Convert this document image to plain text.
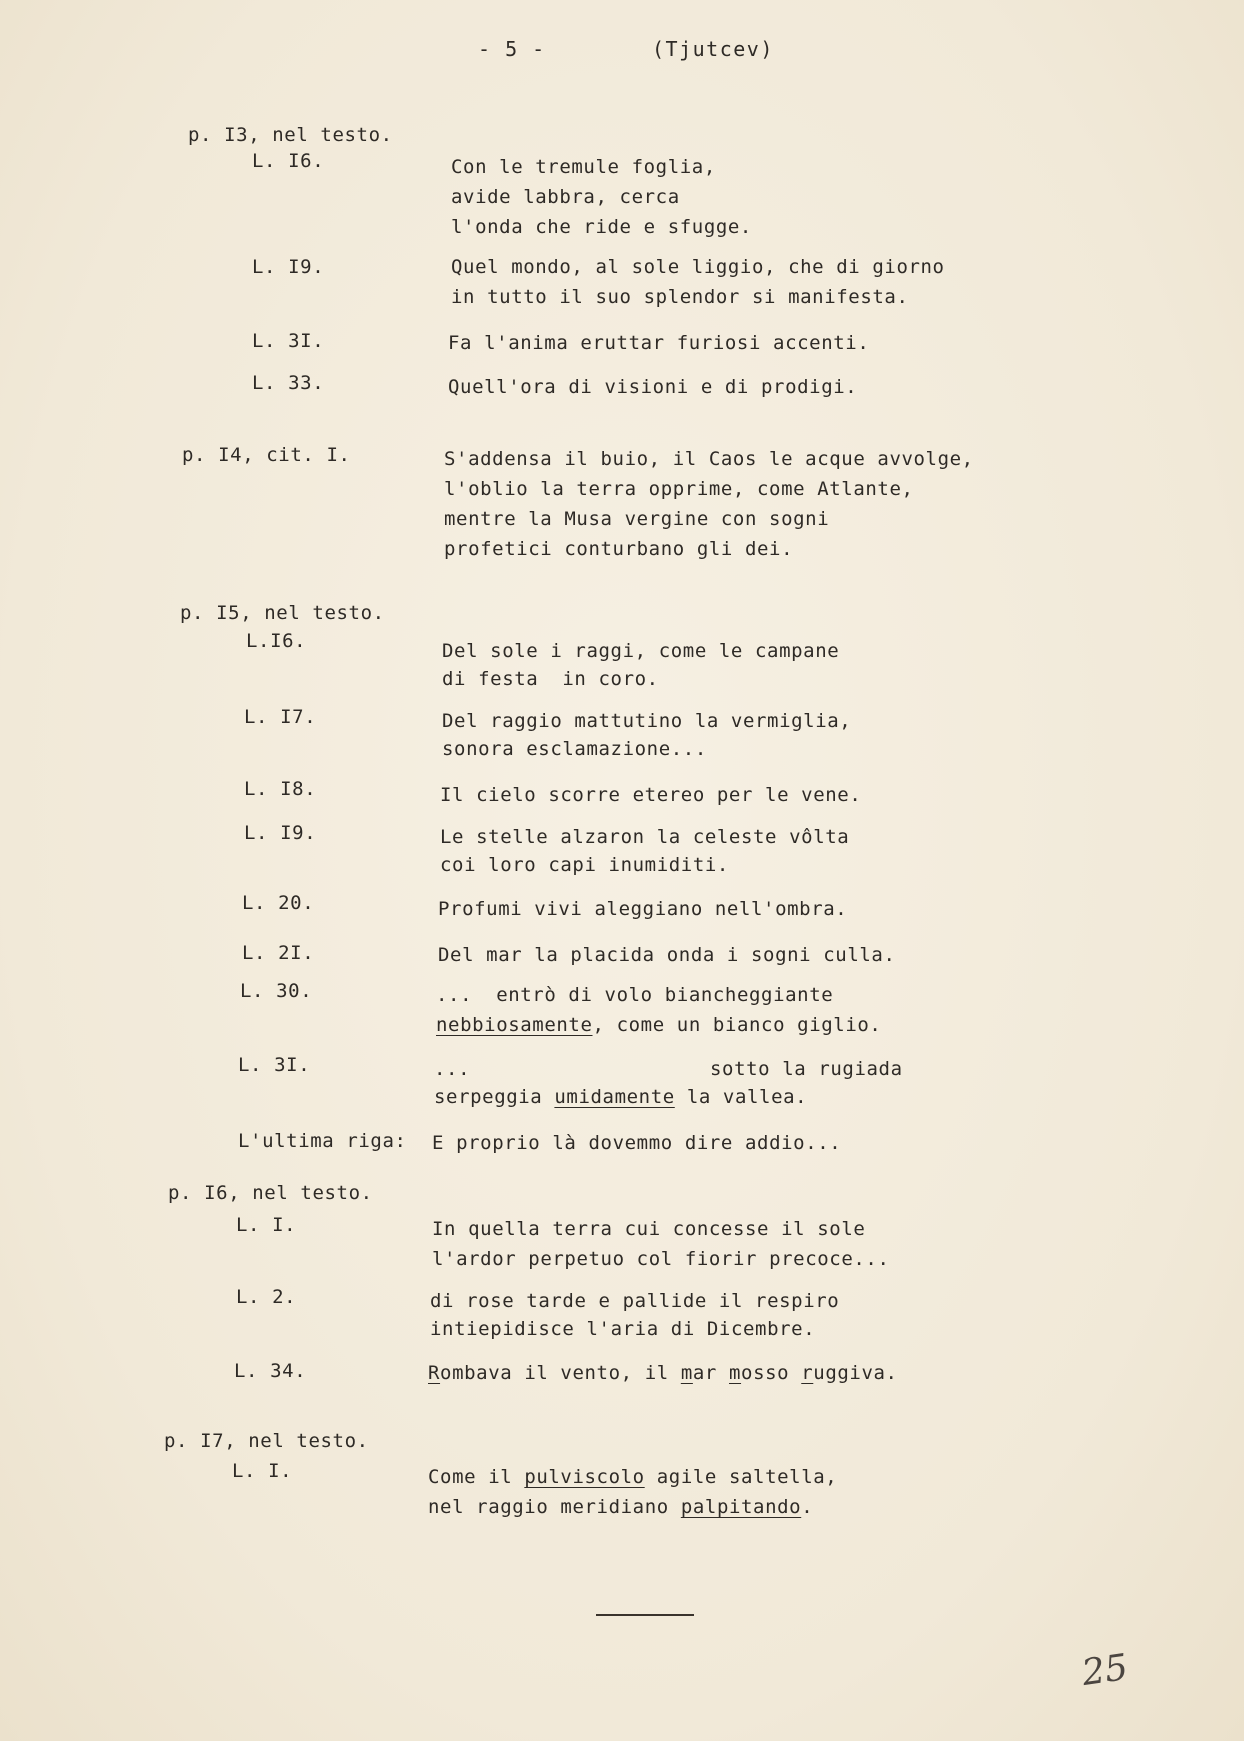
- 5 -	(Tjutcev)
p. I3, nel testo.
L. I6.	Con le tremule foglia,
avide labbra, cerca
l'onda che ride e sfugge.
L. I9.	Quel mondo, al sole liggio, che di giorno
in tutto il suo splendor si manifesta.
L. 3I.	Fa l'anima eruttar furiosi accenti.
L. 33.	Quell'ora di visioni e di prodigi.
p. I4, cit. I.	S'addensa il buio, il Caos le acque avvolge,
l'oblio la terra opprime, come Atlante,
mentre la Musa vergine con sogni
profetici conturbano gli dei.
p. I5, nel testo.
L.I6.	Del sole i raggi, come le campane
di festa  in coro.
L. I7.	Del raggio mattutino la vermiglia,
sonora esclamazione...
L. I8.	Il cielo scorre etereo per le vene.
L. I9.	Le stelle alzaron la celeste vôlta
coi loro capi inumiditi.
L. 20.	Profumi vivi aleggiano nell'ombra.
L. 2I.	Del mar la placida onda i sogni culla.
L. 30.	...  entrò di volo biancheggiante
nebbiosamente, come un bianco giglio.
L. 3I.	...	sotto la rugiada
serpeggia umidamente la vallea.
L'ultima riga: E proprio là dovemmo dire addio...
p. I6, nel testo.
L. I.	In quella terra cui concesse il sole
l'ardor perpetuo col fiorir precoce...
L. 2.	di rose tarde e pallide il respiro
intiepidisce l'aria di Dicembre.
L. 34.	Rombava il vento, il mar mosso ruggiva.
p. I7, nel testo.
L. I.	Come il pulviscolo agile saltella,
nel raggio meridiano palpitando.
25
